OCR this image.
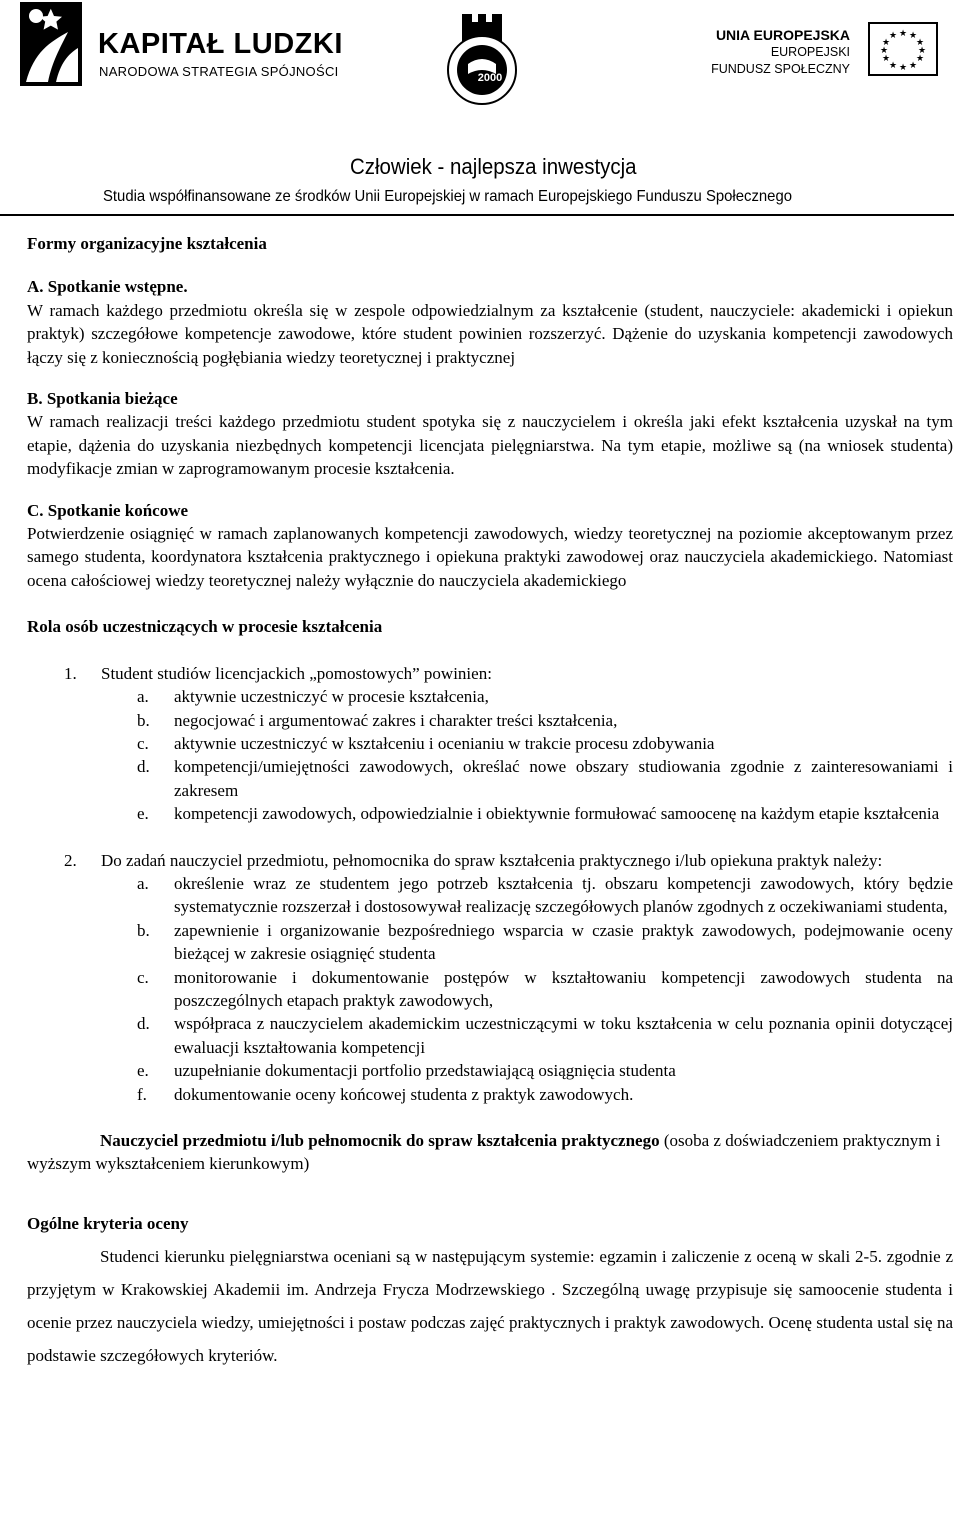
KAPITAŁ LUDZKI
NARODOWA STRATEGIA SPÓJNOŚCI	2000
UNIA EUROPEJSKA
EUROPEJSKI
FUNDUSZ SPOŁECZNY
★ ★
★
★
★
★
★
★
★
★
★
★
Człowiek - najlepsza inwestycja
Studia współfinansowane ze środków Unii Europejskiej w ramach Europejskiego Funduszu Społecznego
Formy organizacyjne kształcenia
A. Spotkanie wstępne.
W ramach każdego przedmiotu określa się w zespole odpowiedzialnym za kształcenie (student, nauczyciele: akademicki i opiekun praktyk) szczegółowe kompetencje zawodowe, które student powinien rozszerzyć. Dążenie do uzyskania kompetencji zawodowych łączy się z koniecznością pogłębiania wiedzy teoretycznej i praktycznej
B. Spotkania bieżące
W ramach realizacji treści każdego przedmiotu student spotyka się z nauczycielem i określa jaki efekt kształcenia uzyskał na tym etapie, dążenia do uzyskania niezbędnych kompetencji licencjata pielęgniarstwa. Na tym etapie, możliwe są (na wniosek studenta) modyfikacje zmian w zaprogramowanym procesie kształcenia.
C. Spotkanie końcowe
Potwierdzenie osiągnięć w ramach zaplanowanych kompetencji zawodowych, wiedzy teoretycznej na poziomie akceptowanym przez samego studenta, koordynatora kształcenia praktycznego i opiekuna praktyki zawodowej oraz nauczyciela akademickiego. Natomiast ocena całościowej wiedzy teoretycznej należy wyłącznie do nauczyciela akademickiego
Rola osób uczestniczących w procesie kształcenia
1. Student studiów licencjackich „pomostowych” powinien:
a. aktywnie uczestniczyć w procesie kształcenia,
b. negocjować i argumentować zakres i charakter treści kształcenia,
c. aktywnie uczestniczyć w kształceniu i ocenianiu w trakcie procesu zdobywania
d. kompetencji/umiejętności zawodowych, określać nowe obszary studiowania zgodnie z zainteresowaniami i zakresem
e. kompetencji zawodowych, odpowiedzialnie i obiektywnie formułować samoocenę na każdym etapie kształcenia
2. Do zadań nauczyciel przedmiotu, pełnomocnika do spraw kształcenia praktycznego i/lub opiekuna praktyk należy:
a. określenie wraz ze studentem jego potrzeb kształcenia tj. obszaru kompetencji zawodowych, który będzie systematycznie rozszerzał i dostosowywał realizację szczegółowych planów zgodnych z oczekiwaniami studenta,
b. zapewnienie i organizowanie bezpośredniego wsparcia w czasie praktyk zawodowych, podejmowanie oceny bieżącej w zakresie osiągnięć studenta
c. monitorowanie i dokumentowanie postępów w kształtowaniu kompetencji zawodowych studenta na poszczególnych etapach praktyk zawodowych,
d. współpraca z nauczycielem akademickim uczestniczącymi w toku kształcenia w celu poznania opinii dotyczącej ewaluacji kształtowania kompetencji
e. uzupełnianie dokumentacji portfolio przedstawiającą osiągnięcia studenta
f. dokumentowanie oceny końcowej studenta z praktyk zawodowych.
Nauczyciel przedmiotu i/lub pełnomocnik do spraw kształcenia praktycznego (osoba z doświadczeniem praktycznym i wyższym wykształceniem kierunkowym)
Ogólne kryteria oceny
Studenci kierunku pielęgniarstwa oceniani są w następującym systemie: egzamin i zaliczenie z oceną w skali 2-5. zgodnie z przyjętym w Krakowskiej Akademii im. Andrzeja Frycza Modrzewskiego . Szczególną uwagę przypisuje się samoocenie studenta i ocenie przez nauczyciela wiedzy, umiejętności i postaw podczas zajęć praktycznych i praktyk zawodowych. Ocenę studenta ustal się na podstawie szczegółowych kryteriów.
